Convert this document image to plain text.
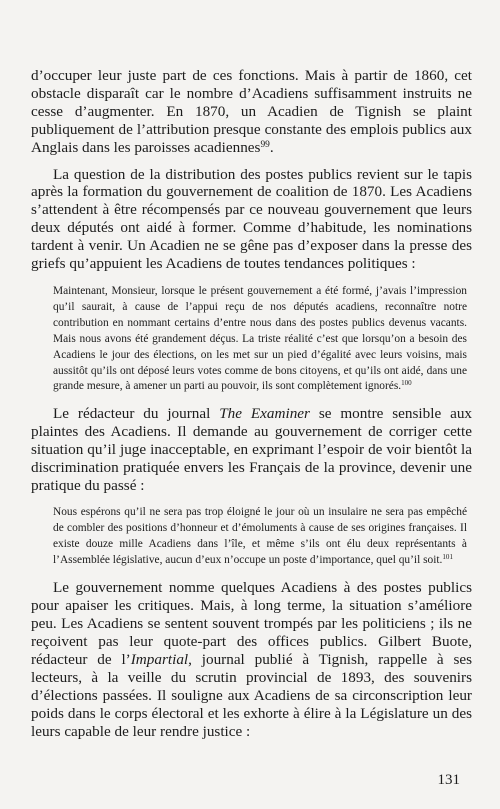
d’occuper leur juste part de ces fonctions. Mais à partir de 1860, cet obstacle disparaît car le nombre d’Acadiens suffisamment instruits ne cesse d’augmenter. En 1870, un Acadien de Tignish se plaint publiquement de l’attribution presque constante des emplois publics aux Anglais dans les paroisses acadiennes$^{99}$.

La question de la distribution des postes publics revient sur le tapis après la formation du gouvernement de coalition de 1870. Les Acadiens s’attendent à être récompensés par ce nouveau gouvernement que leurs deux députés ont aidé à former. Comme d’habitude, les nominations tardent à venir. Un Acadien ne se gêne pas d’exposer dans la presse des griefs qu’appuient les Acadiens de toutes tendances politiques :

Maintenant, Monsieur, lorsque le présent gouvernement a été formé, j’avais l’impression qu’il saurait, à cause de l’appui reçu de nos députés acadiens, reconnaître notre contribution en nommant certains d’entre nous dans des postes publics devenus vacants. Mais nous avons été grandement déçus. La triste réalité c’est que lorsqu’on a besoin des Acadiens le jour des élections, on les met sur un pied d’égalité avec leurs voisins, mais aussitôt qu’ils ont déposé leurs votes comme de bons citoyens, et qu’ils ont aidé, dans une grande mesure, à amener un parti au pouvoir, ils sont complètement ignorés.$^{100}$

Le rédacteur du journal The Examiner se montre sensible aux plaintes des Acadiens. Il demande au gouvernement de corriger cette situation qu’il juge inacceptable, en exprimant l’espoir de voir bientôt la discrimination pratiquée envers les Français de la province, devenir une pratique du passé :

Nous espérons qu’il ne sera pas trop éloigné le jour où un insulaire ne sera pas empêché de combler des positions d’honneur et d’émoluments à cause de ses origines françaises. Il existe douze mille Acadiens dans l’île, et même s’ils ont élu deux représentants à l’Assemblée législative, aucun d’eux n’occupe un poste d’importance, quel qu’il soit.$^{101}$

Le gouvernement nomme quelques Acadiens à des postes publics pour apaiser les critiques. Mais, à long terme, la situation s’améliore peu. Les Acadiens se sentent souvent trompés par les politiciens ; ils ne reçoivent pas leur quote-part des offices publics. Gilbert Buote, rédacteur de l’Impartial, journal publié à Tignish, rappelle à ses lecteurs, à la veille du scrutin provincial de 1893, des souvenirs d’élections passées. Il souligne aux Acadiens de sa circonscription leur poids dans le corps électoral et les exhorte à élire à la Législature un des leurs capable de leur rendre justice :

131
